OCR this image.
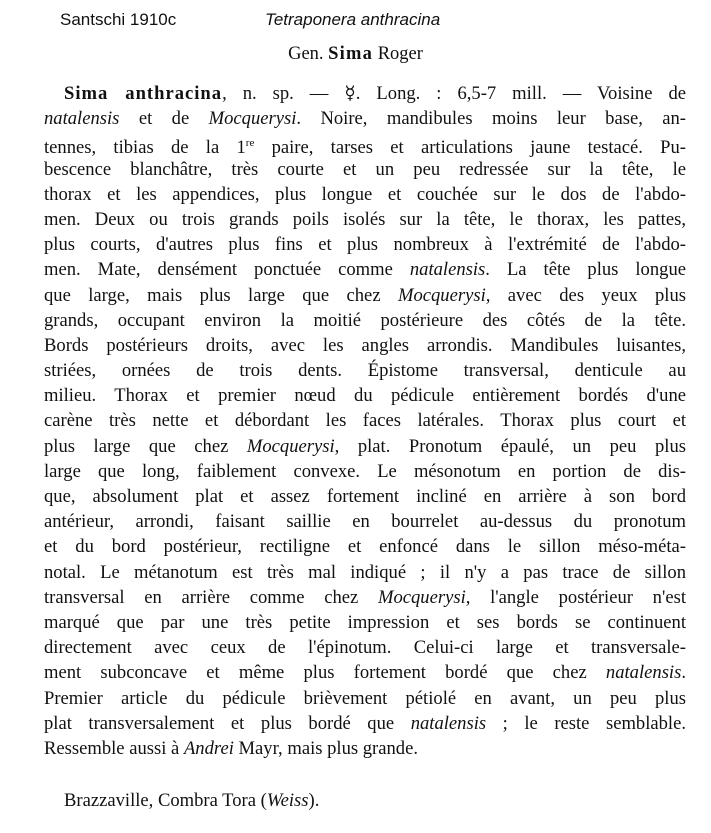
Santschi 1910c	Tetraponera anthracina
Gen. Sima Roger
Sima anthracina, n. sp. — ☿. Long. : 6,5-7 mill. — Voisine de
natalensis et de Mocquerysi. Noire, mandibules moins leur base, an-
tennes, tibias de la 1re paire, tarses et articulations jaune testacé. Pu-
bescence blanchâtre, très courte et un peu redressée sur la tête, le
thorax et les appendices, plus longue et couchée sur le dos de l'abdo-
men. Deux ou trois grands poils isolés sur la tête, le thorax, les pattes,
plus courts, d'autres plus fins et plus nombreux à l'extrémité de l'abdo-
men. Mate, densément ponctuée comme natalensis. La tête plus longue
que large, mais plus large que chez Mocquerysi, avec des yeux plus
grands, occupant environ la moitié postérieure des côtés de la tête.
Bords postérieurs droits, avec les angles arrondis. Mandibules luisantes,
striées, ornées de trois dents. Épistome transversal, denticule au
milieu. Thorax et premier nœud du pédicule entièrement bordés d'une
carène très nette et débordant les faces latérales. Thorax plus court et
plus large que chez Mocquerysi, plat. Pronotum épaulé, un peu plus
large que long, faiblement convexe. Le mésonotum en portion de dis-
que, absolument plat et assez fortement incliné en arrière à son bord
antérieur, arrondi, faisant saillie en bourrelet au-dessus du pronotum
et du bord postérieur, rectiligne et enfoncé dans le sillon méso-méta-
notal. Le métanotum est très mal indiqué ; il n'y a pas trace de sillon
transversal en arrière comme chez Mocquerysi, l'angle postérieur n'est
marqué que par une très petite impression et ses bords se continuent
directement avec ceux de l'épinotum. Celui-ci large et transversale-
ment subconcave et même plus fortement bordé que chez natalensis.
Premier article du pédicule brièvement pétiolé en avant, un peu plus
plat transversalement et plus bordé que natalensis ; le reste semblable.
Ressemble aussi à Andrei Mayr, mais plus grande.
Brazzaville, Combra Tora (Weiss).
